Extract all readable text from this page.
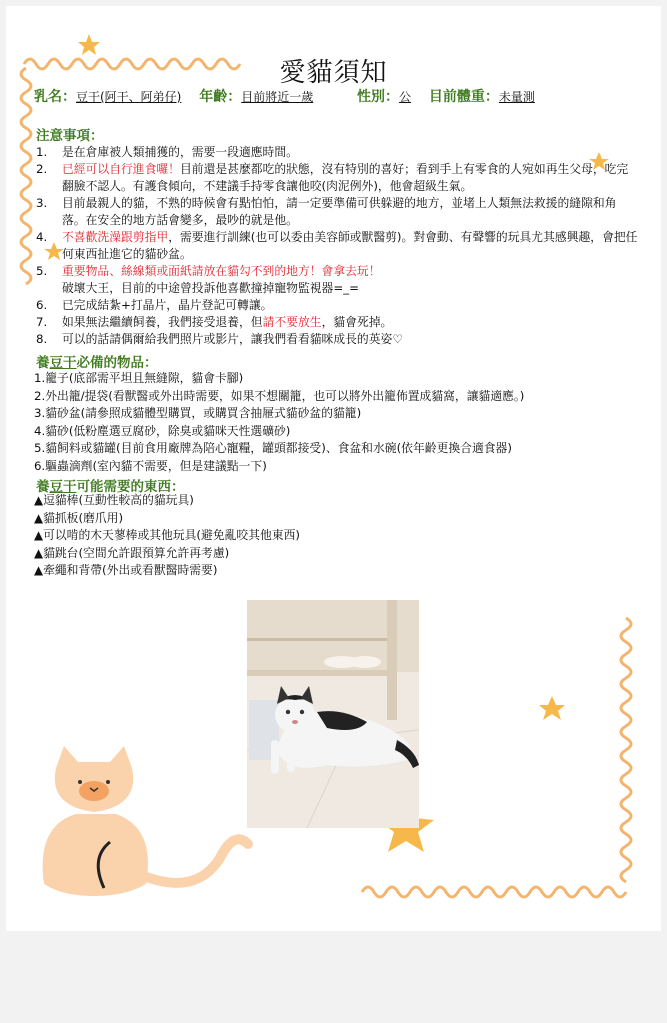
愛貓須知
乳名：豆干(阿干、阿弟仔) 年齡：目前將近一歲	性別：公 目前體重：未量測
注意事項：
1. 是在倉庫被人類捕獲的，需要一段適應時間。
2. 已經可以自行進食囉！目前還是甚麼都吃的狀態，沒有特別的喜好；看到手上有零食的人宛如再生父母，吃完翻臉不認人。有護食傾向，不建議手持零食讓他咬(肉泥例外)，他會超級生氣。
3. 目前最親人的貓，不熟的時候會有點怕怕，請一定要準備可供躲避的地方，並堵上人類無法救援的縫隙和角落。在安全的地方話會變多，最吵的就是他。
4. 不喜歡洗澡跟剪指甲，需要進行訓練(也可以委由美容師或獸醫剪)。對會動、有聲響的玩具尤其感興趣，會把任何東西扯進它的貓砂盆。
5. 重要物品、絲線類或面紙請放在貓勾不到的地方！會拿去玩！
破壞大王，目前的中途曾投訴他喜歡撞掉寵物監視器=_=
6. 已完成結紮+打晶片，晶片登記可轉讓。
7. 如果無法繼續飼養，我們接受退養，但請不要放生，貓會死掉。
8. 可以的話請偶爾給我們照片或影片，讓我們看看貓咪成長的英姿♡
養豆干必備的物品：
1.籠子(底部需平坦且無縫隙，貓會卡腳)
2.外出籠/提袋(看獸醫或外出時需要，如果不想關籠，也可以將外出籠佈置成貓窩，讓貓適應。)
3.貓砂盆(請參照成貓體型購買，或購買含抽屜式貓砂盆的貓籠)
4.貓砂(低粉塵選豆腐砂，除臭或貓咪天性選礦砂)
5.貓飼料或貓罐(目前食用廠牌為陪心寵糧，罐頭都接受)、食盆和水碗(依年齡更換合適食器)
6.驅蟲滴劑(室內貓不需要，但是建議點一下)
養豆干可能需要的東西：
▲逗貓棒(互動性較高的貓玩具)
▲貓抓板(磨爪用)
▲可以啃的木天蓼棒或其他玩具(避免亂咬其他東西)
▲貓跳台(空間允許跟預算允許再考慮)
▲牽繩和背帶(外出或看獸醫時需要)
